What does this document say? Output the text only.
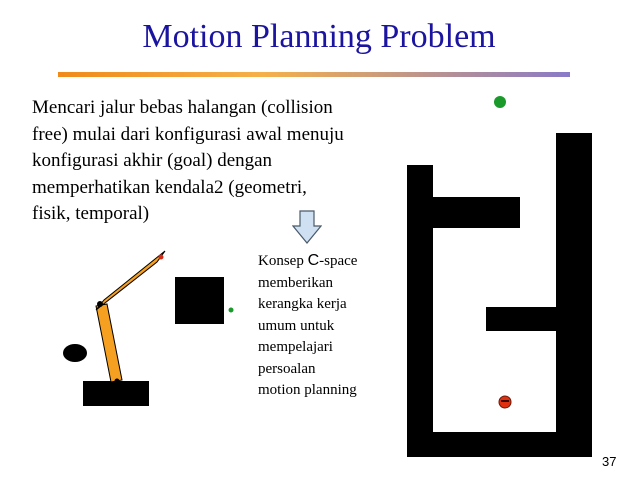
Motion Planning Problem
Mencari jalur bebas halangan (collision
free) mulai dari konfigurasi awal menuju
konfigurasi akhir (goal) dengan
memperhatikan kendala2 (geometri,
fisik, temporal)
Konsep C-space
memberikan
kerangka kerja
umum untuk
mempelajari
persoalan
motion planning
37
